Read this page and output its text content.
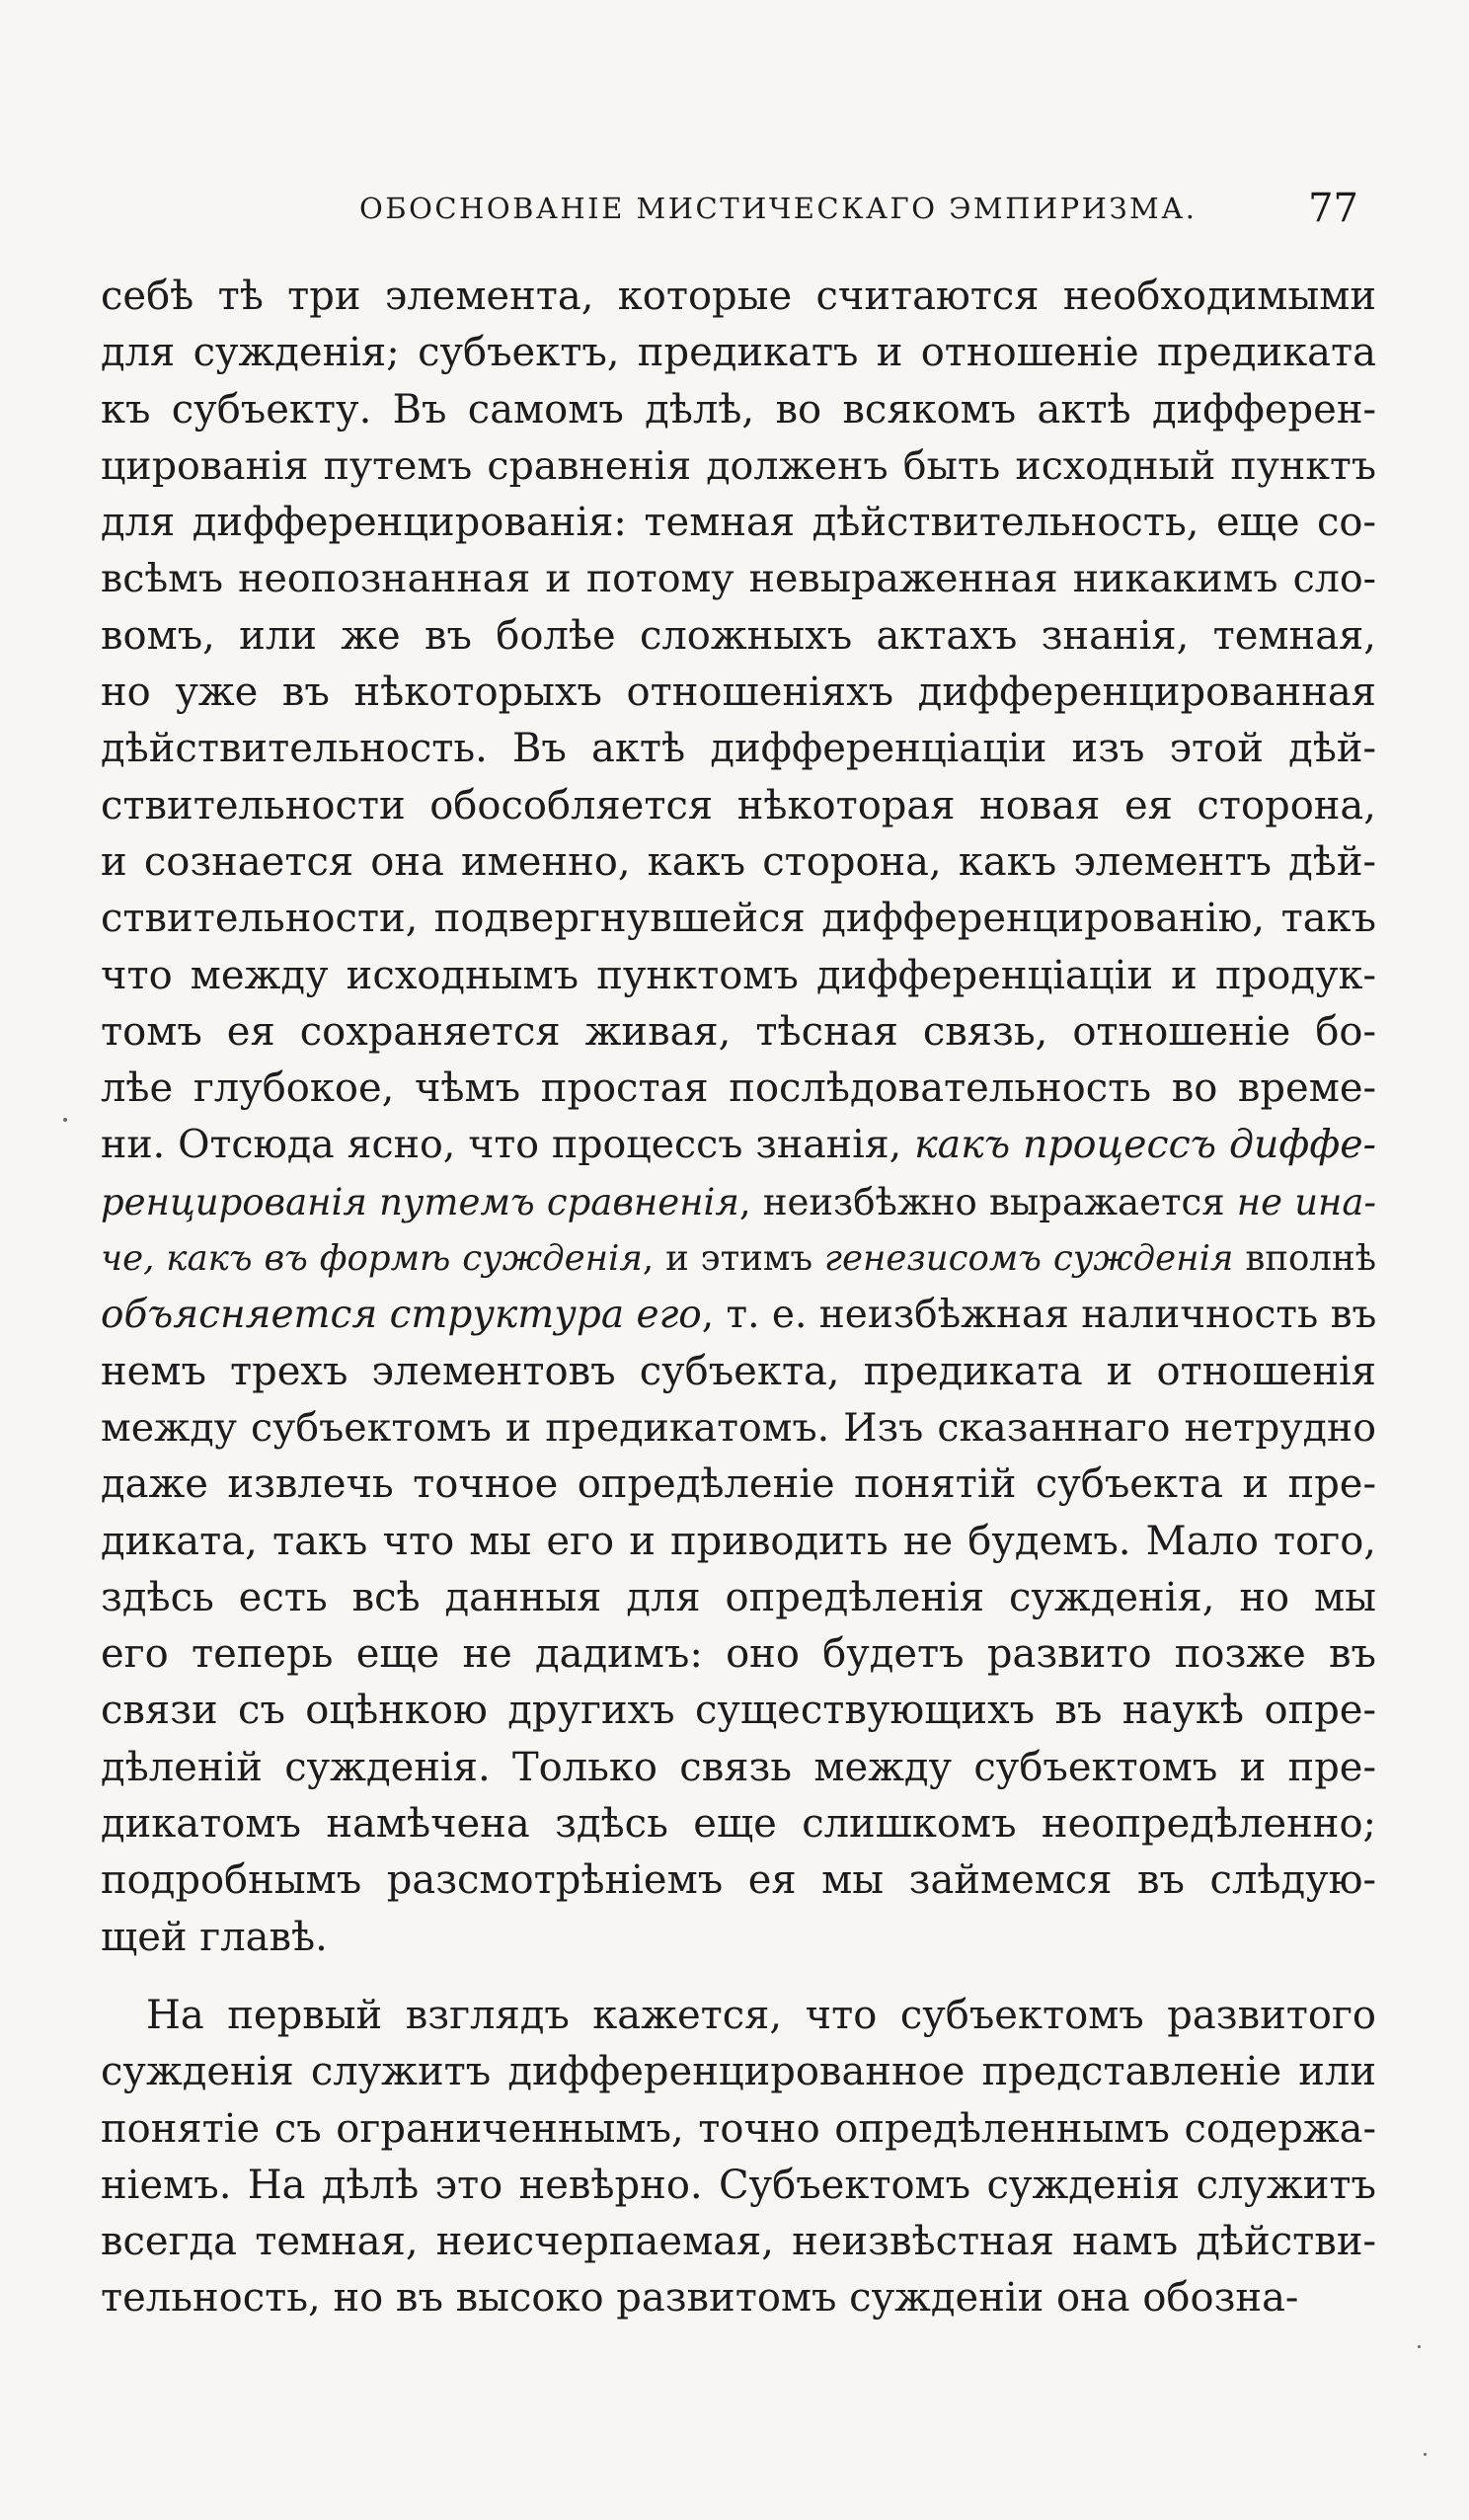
ОБОСНОВАНІЕ МИСТИЧЕСКАГО ЭМПИРИЗМА.	77

себѣ тѣ три элемента, которые считаются необходимыми
для сужденія; субъектъ, предикатъ и отношеніе предиката
къ субъекту. Въ самомъ дѣлѣ, во всякомъ актѣ дифферен-
цированія путемъ сравненія долженъ быть исходный пунктъ
для дифференцированія: темная дѣйствительность, еще со-
всѣмъ неопознанная и потому невыраженная никакимъ сло-
вомъ, или же въ болѣе сложныхъ актахъ знанія, темная,
но уже въ нѣкоторыхъ отношеніяхъ дифференцированная
дѣйствительность. Въ актѣ дифференціаціи изъ этой дѣй-
ствительности обособляется нѣкоторая новая ея сторона,
и сознается она именно, какъ сторона, какъ элементъ дѣй-
ствительности, подвергнувшейся дифференцированію, такъ
что между исходнымъ пунктомъ дифференціаціи и продук-
томъ ея сохраняется живая, тѣсная связь, отношеніе бо-
лѣе глубокое, чѣмъ простая послѣдовательность во време-
ни. Отсюда ясно, что процессъ знанія, какъ процессъ диффе-
ренцированія путемъ сравненія, неизбѣжно выражается не ина-
че, какъ въ формѣ сужденія, и этимъ генезисомъ сужденія вполнѣ
объясняется структура его, т. е. неизбѣжная наличность въ
немъ трехъ элементовъ субъекта, предиката и отношенія
между субъектомъ и предикатомъ. Изъ сказаннаго нетрудно
даже извлечь точное опредѣленіе понятій субъекта и пре-
диката, такъ что мы его и приводить не будемъ. Мало того,
здѣсь есть всѣ данныя для опредѣленія сужденія, но мы
его теперь еще не дадимъ: оно будетъ развито позже въ
связи съ оцѣнкою другихъ существующихъ въ наукѣ опре-
дѣленій сужденія. Только связь между субъектомъ и пре-
дикатомъ намѣчена здѣсь еще слишкомъ неопредѣленно;
подробнымъ разсмотрѣніемъ ея мы займемся въ слѣдую-
щей главѣ.

На первый взглядъ кажется, что субъектомъ развитого
сужденія служитъ дифференцированное представленіе или
понятіе съ ограниченнымъ, точно опредѣленнымъ содержа-
ніемъ. На дѣлѣ это невѣрно. Субъектомъ сужденія служитъ
всегда темная, неисчерпаемая, неизвѣстная намъ дѣйстви-
тельность, но въ высоко развитомъ сужденіи она обозна-
